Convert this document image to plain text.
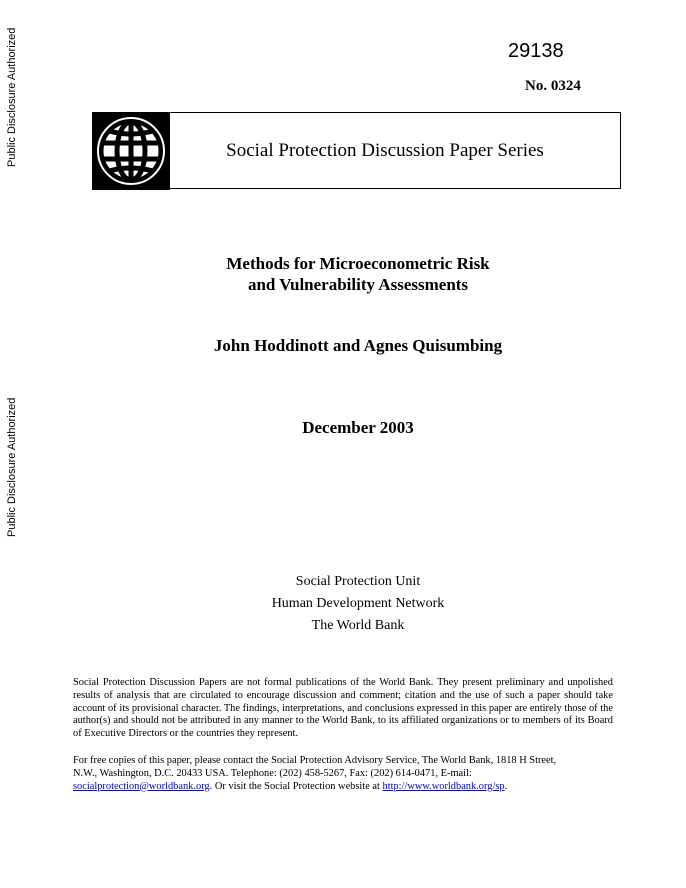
Public Disclosure Authorized
Public Disclosure Authorized
29138
No. 0324
Social Protection Discussion Paper Series
Methods for Microeconometric Risk
and Vulnerability Assessments
John Hoddinott and Agnes Quisumbing
December 2003
Social Protection Unit
Human Development Network
The World Bank
Social Protection Discussion Papers are not formal publications of the World Bank. They present preliminary and unpolished results of analysis that are circulated to encourage discussion and comment; citation and the use of such a paper should take account of its provisional character. The findings, interpretations, and conclusions expressed in this paper are entirely those of the author(s) and should not be attributed in any manner to the World Bank, to its affiliated organizations or to members of its Board of Executive Directors or the countries they represent.
For free copies of this paper, please contact the Social Protection Advisory Service, The World Bank, 1818 H Street,
N.W., Washington, D.C. 20433 USA. Telephone: (202) 458-5267, Fax: (202) 614-0471, E-mail:
socialprotection@worldbank.org. Or visit the Social Protection website at http://www.worldbank.org/sp.
